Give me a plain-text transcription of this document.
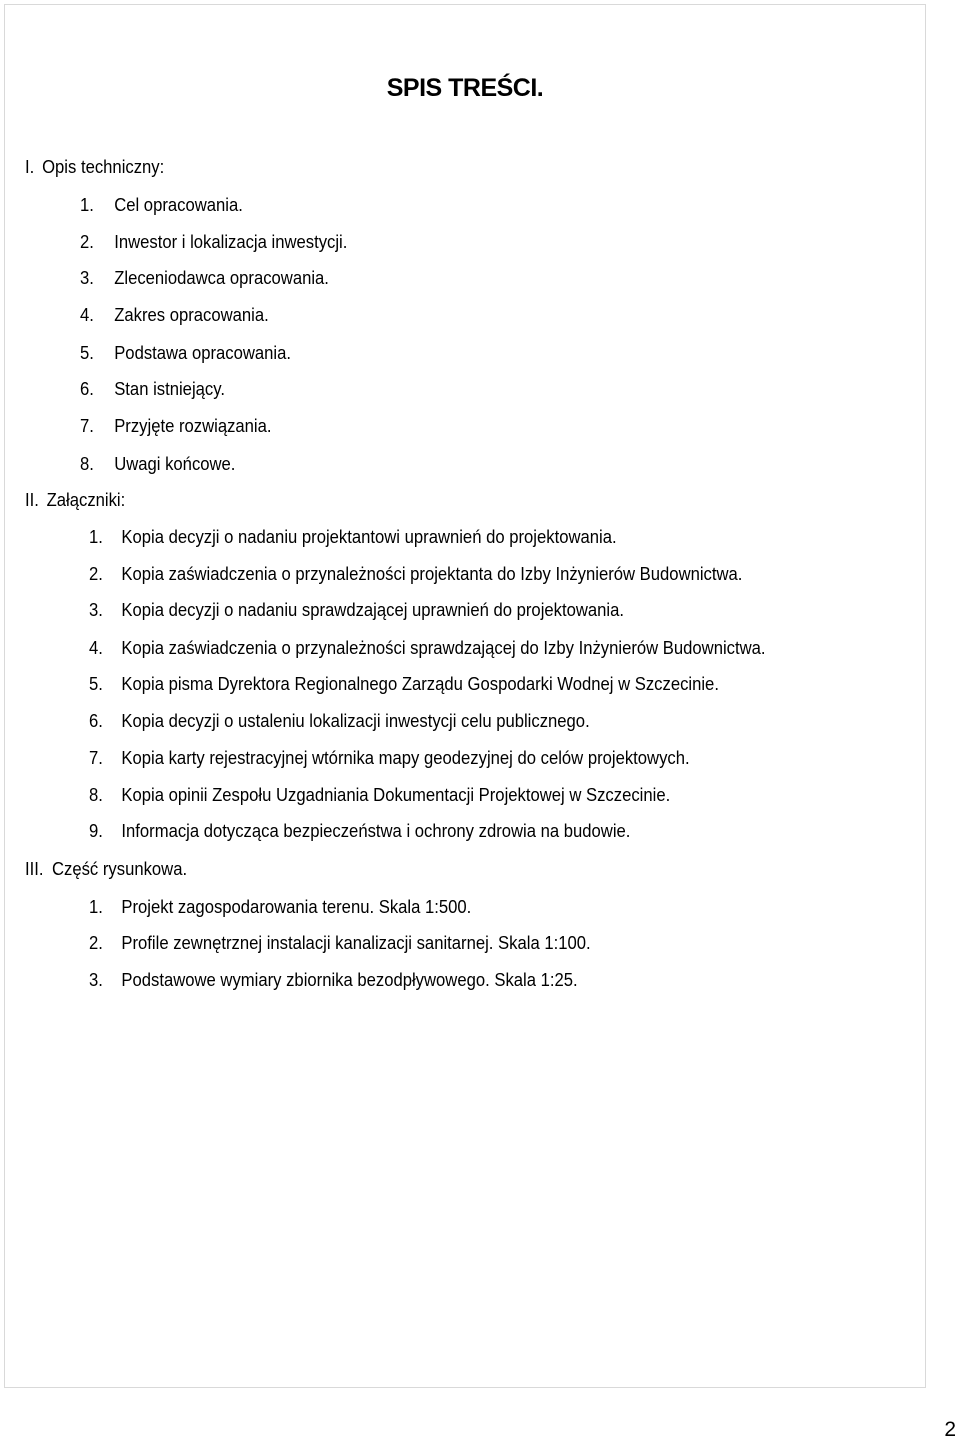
SPIS TREŚCI.
I. Opis techniczny:
1. Cel opracowania.
2. Inwestor i lokalizacja inwestycji.
3. Zleceniodawca opracowania.
4. Zakres opracowania.
5. Podstawa opracowania.
6. Stan istniejący.
7. Przyjęte rozwiązania.
8. Uwagi końcowe.
II. Załączniki:
1. Kopia decyzji o nadaniu projektantowi uprawnień do projektowania.
2. Kopia zaświadczenia o przynależności projektanta do Izby Inżynierów Budownictwa.
3. Kopia decyzji o nadaniu sprawdzającej uprawnień do projektowania.
4. Kopia zaświadczenia o przynależności sprawdzającej do Izby Inżynierów Budownictwa.
5. Kopia pisma Dyrektora Regionalnego Zarządu Gospodarki Wodnej w Szczecinie.
6. Kopia decyzji o ustaleniu lokalizacji inwestycji celu publicznego.
7. Kopia karty rejestracyjnej wtórnika mapy geodezyjnej do celów projektowych.
8. Kopia opinii Zespołu Uzgadniania Dokumentacji Projektowej w Szczecinie.
9. Informacja dotycząca bezpieczeństwa i ochrony zdrowia na budowie.
III. Część rysunkowa.
1. Projekt zagospodarowania terenu. Skala 1:500.
2. Profile zewnętrznej instalacji kanalizacji sanitarnej. Skala 1:100.
3. Podstawowe wymiary zbiornika bezodpływowego. Skala 1:25.
2
